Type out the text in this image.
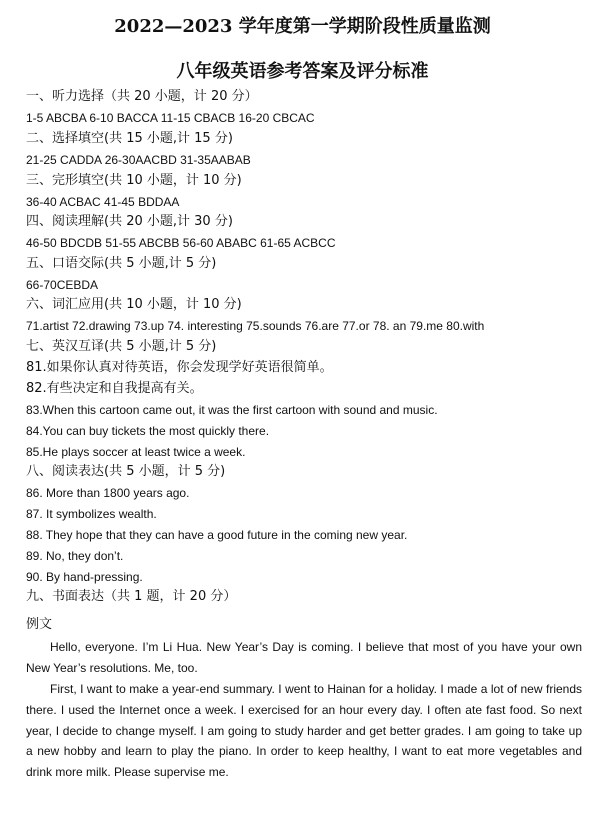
2022—2023 学年度第一学期阶段性质量监测
八年级英语参考答案及评分标准
一、听力选择（共 20 小题，计 20 分）
1-5 ABCBA 6-10 BACCA 11-15 CBACB 16-20 CBCAC
二、选择填空(共 15 小题,计 15 分)
21-25 CADDA 26-30AACBD 31-35AABAB
三、完形填空(共 10 小题，计 10 分)
36-40 ACBAC 41-45 BDDAA
四、阅读理解(共 20 小题,计 30 分)
46-50 BDCDB 51-55 ABCBB 56-60 ABABC 61-65 ACBCC
五、口语交际(共 5 小题,计 5 分)
66-70CEBDA
六、词汇应用(共 10 小题，计 10 分)
71.artist 72.drawing 73.up 74. interesting 75.sounds 76.are 77.or 78. an 79.me 80.with
七、英汉互译(共 5 小题,计 5 分)
81.如果你认真对待英语，你会发现学好英语很简单。
82.有些决定和自我提高有关。
83.When this cartoon came out, it was the first cartoon with sound and music.
84.You can buy tickets the most quickly there.
85.He plays soccer at least twice a week.
八、阅读表达(共 5 小题，计 5 分)
86. More than 1800 years ago.
87. It symbolizes wealth.
88. They hope that they can have a good future in the coming new year.
89. No, they don’t.
90. By hand-pressing.
九、书面表达（共 1 题，计 20 分）
例文

Hello, everyone. I’m Li Hua. New Year’s Day is coming. I believe that most of you have your own New Year’s resolutions. Me, too.

First, I want to make a year-end summary. I went to Hainan for a holiday. I made a lot of new friends there. I used the Internet once a week. I exercised for an hour every day. I often ate fast food. So next year, I decide to change myself. I am going to study harder and get better grades. I am going to take up a new hobby and learn to play the piano. In order to keep healthy, I want to eat more vegetables and drink more milk. Please supervise me.
